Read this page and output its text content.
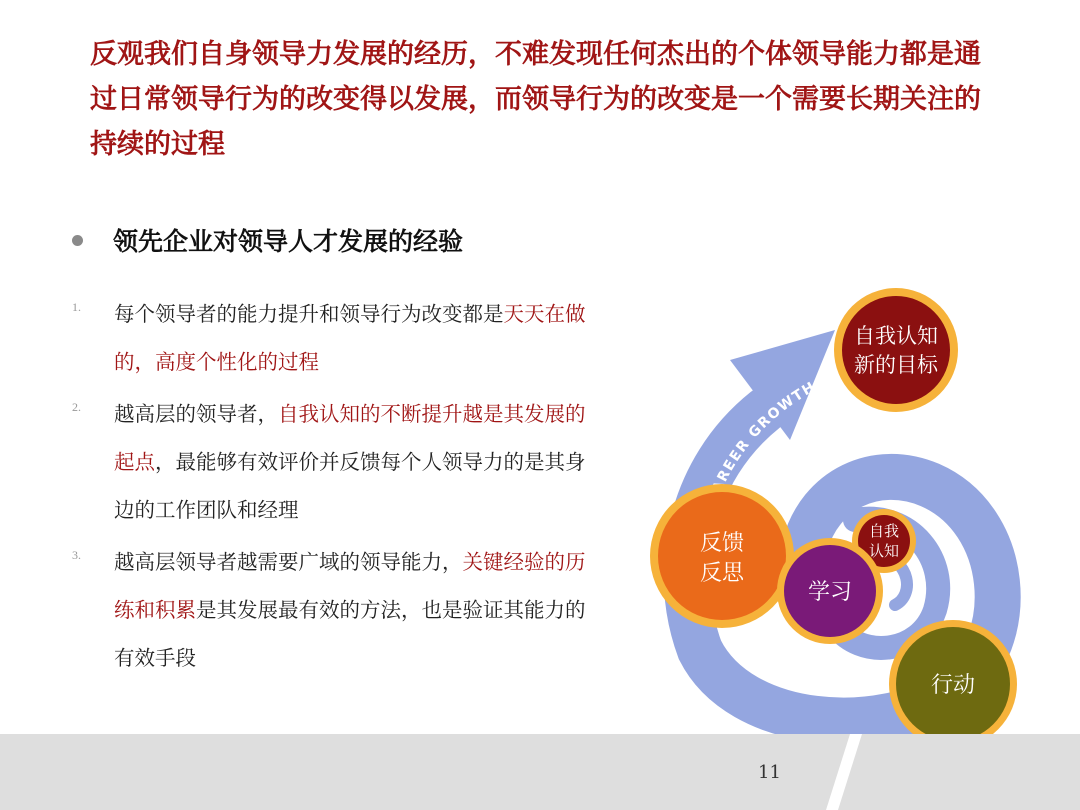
反观我们自身领导力发展的经历，不难发现任何杰出的个体领导能力都是通过日常领导行为的改变得以发展，而领导行为的改变是一个需要长期关注的持续的过程
领先企业对领导人才发展的经验
1. 每个领导者的能力提升和领导行为改变都是天天在做的，高度个性化的过程
2. 越高层的领导者，自我认知的不断提升越是其发展的起点，最能够有效评价并反馈每个人领导力的是其身边的工作团队和经理
3. 越高层领导者越需要广域的领导能力，关键经验的历练和积累是其发展最有效的方法，也是验证其能力的有效手段
REER GROWTH
自我认知
新的目标
反馈
反思
自我
认知
学习
行动
11
